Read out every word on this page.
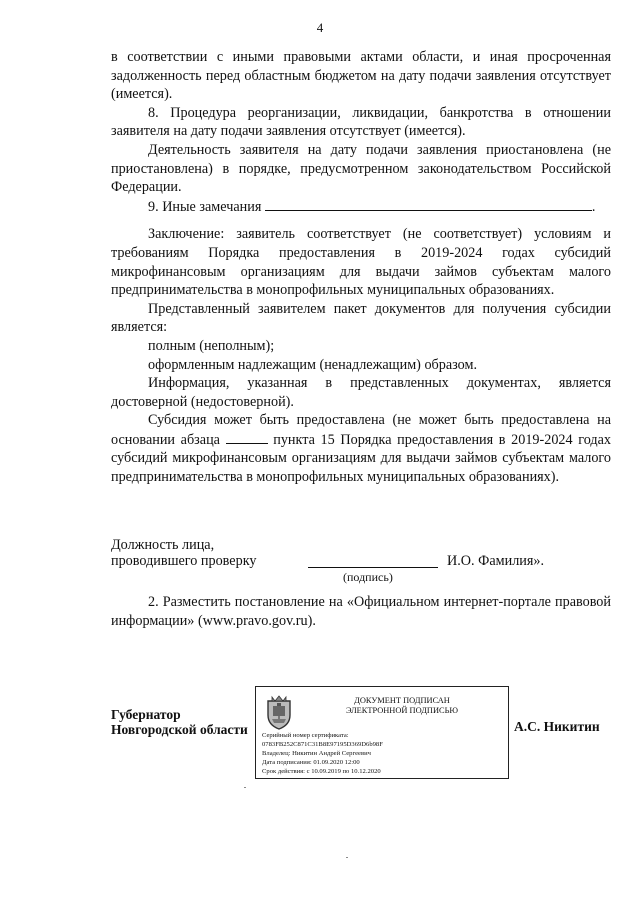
4

в соответствии с иными правовыми актами области, и иная просроченная задолженность перед областным бюджетом на дату подачи заявления отсутствует (имеется).

8. Процедура реорганизации, ликвидации, банкротства в отношении заявителя на дату подачи заявления отсутствует (имеется).

Деятельность заявителя на дату подачи заявления приостановлена (не приостановлена) в порядке, предусмотренном законодательством Российской Федерации.

9. Иные замечания	.

Заключение: заявитель соответствует (не соответствует) условиям и требованиям Порядка предоставления в 2019-2024 годах субсидий микрофинансовым организациям для выдачи займов субъектам малого предпринимательства в монопрофильных муниципальных образованиях.

Представленный заявителем пакет документов для получения субсидии является:

полным (неполным);

оформленным надлежащим (ненадлежащим) образом.

Информация, указанная в представленных документах, является достоверной (недостоверной).

Субсидия может быть предоставлена (не может быть предоставлена на основании абзаца	пункта 15 Порядка предоставления в 2019-2024 годах субсидий микрофинансовым организациям для выдачи займов субъектам малого предпринимательства в монопрофильных муниципальных образованиях).

Должность лица,
проводившего проверку	И.О. Фамилия».
(подпись)
2. Разместить постановление на «Официальном интернет-портале правовой информации» (www.pravo.gov.ru).
Губернатор
Новгородской области	А.С. Никитин
ДОКУМЕНТ ПОДПИСАН
ЭЛЕКТРОННОЙ ПОДПИСЬЮ
Серийный номер сертификата:
0783FB252C871C31B8E97195D369D6b98F
Владелец: Никитин Андрей Сергеевич
Дата подписания: 01.09.2020 12:00
Срок действия: с 10.09.2019 по 10.12.2020
